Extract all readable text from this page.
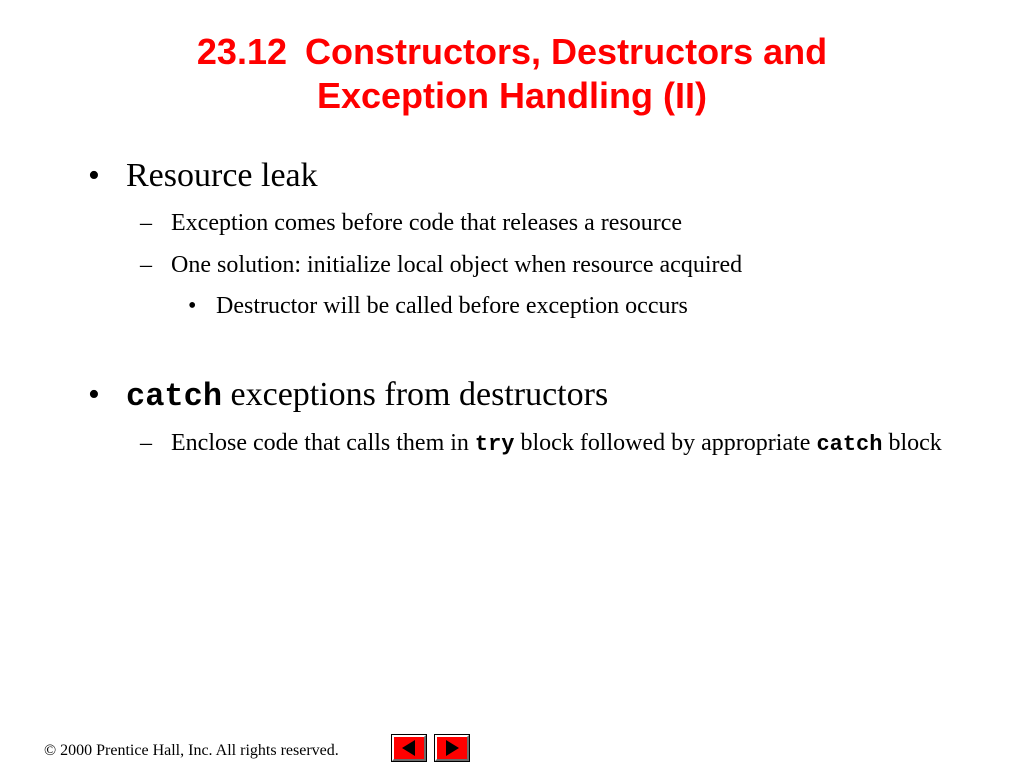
23.12 Constructors, Destructors and
Exception Handling (II)
• Resource leak
– Exception comes before code that releases a resource
– One solution: initialize local object when resource acquired
• Destructor will be called before exception occurs
• catch exceptions from destructors
– Enclose code that calls them in try block followed by appropriate catch block
© 2000 Prentice Hall, Inc. All rights reserved.
